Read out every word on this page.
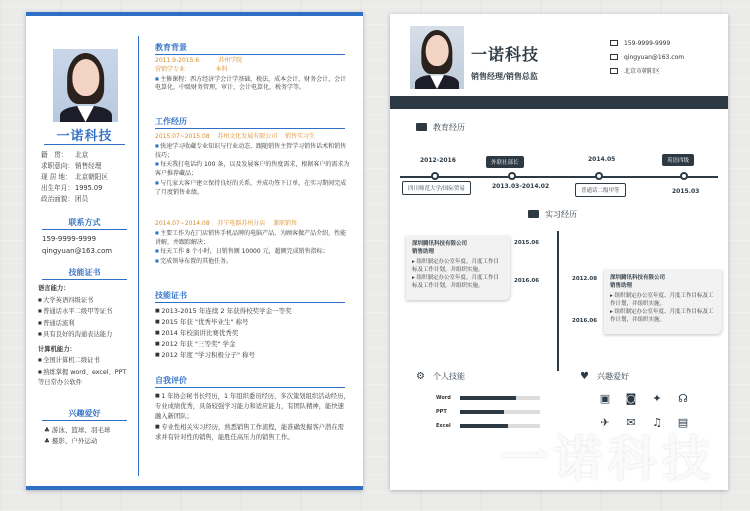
一诺科技
籍　贯： 北京
求职意向：销售经理
现 居 地： 北京朝阳区
出生年月：1995.09
政治面貌：团员
联系方式
159-9999-9999
qingyuan@163.com
技能证书
语言能力：
■ 大学英语四级证书
■ 普通话水平二级甲等证书
■ 普通话流利
■ 具有良好的沟通表达能力
计算机能力：
■ 全国计算机二级证书
■ 熟练掌握 word、excel、PPT 等日常办公软件
兴趣爱好
♣ 游泳、篮球、羽毛球
♣ 摄影、户外运动
教育背景
2011.9-2015.6	苏州学院
营销学专业	本科
■ 主修课程：西方经济学会计学基础，税法，成本会计，财务会计，会计电算化，中级财务管理，审计，会计电算化，税务学等。
工作经历
2015.07~2015.08 苏州文化发展有限公司 销售实习生
■ 快速学习收藏专业知识与行业动态，跟随销售主管学习销售话术和销售技巧；
■ 每天我打电话约 100 条，以及发展客户的售度需求，根据客户的需求为客户推荐藏品；
■ 与几家大客户建立保持良好的关系，并成功签下订单，在实习期间完成了月度销售业绩。
2014.07~2014.08 苏宁电器苏州分店 兼职销售
■ 主要工作为在门店销售手机品牌的电脑产品，为顾客做产品介绍，性能讲解，并跟踪解决；
■ 每天工作 8 个小时，日销售额 10000 元，超额完成销售指标；
■ 完成领导布置的其他任务。
技能证书
■ 2013-2015 年连续 2 年获得校奖学金一等奖
■ 2015 年获 "优秀毕业生" 称号
■ 2014 年校演讲比赛优秀奖
■ 2012 年获 "三等奖" 学金
■ 2012 年度 "学习积极分子" 称号
自我评价
■ 1 年协会秘书长经历，1 年组织委员经历，多次策划组织活动经历，专业成绩优秀，具备较强学习能力和适应能力，有团队精神，能快速融入新团队；
■ 专业性相关实习经历，熟悉销售工作流程，能准确发掘客户潜在需求并有针对性的销售，能胜任高压力的销售工作。
一诺科技
销售经理/销售总监
159-9999-9999
qingyuan@163.com
北京市朝阳区
教育经历
2012-2016
四川师范大学/国际贸易
外联社部长
2013.03-2014.02
2014.05
普通话二级甲等
英语四级
2015.03
实习经历
深圳腾讯科技有限公司
销售助理
▸ 组织制定办公室年度、月度工作目标及工作计划，并组织实施。
▸ 组织制定办公室年度、月度工作目标及工作计划，并组织实施。
2015.06
2016.06	深圳腾讯科技有限公司
销售助理
▸ 组织制定办公室年度、月度工作目标及工作计划，并组织实施。
▸ 组织制定办公室年度、月度工作目标及工作计划，并组织实施。
2012.08
2016.06
⚙ 个人技能
Word
PPT
Excel
♥ 兴趣爱好
▣ ◙ ✦ ☊
✈ ✉ ♫ ▤
一诺科技
